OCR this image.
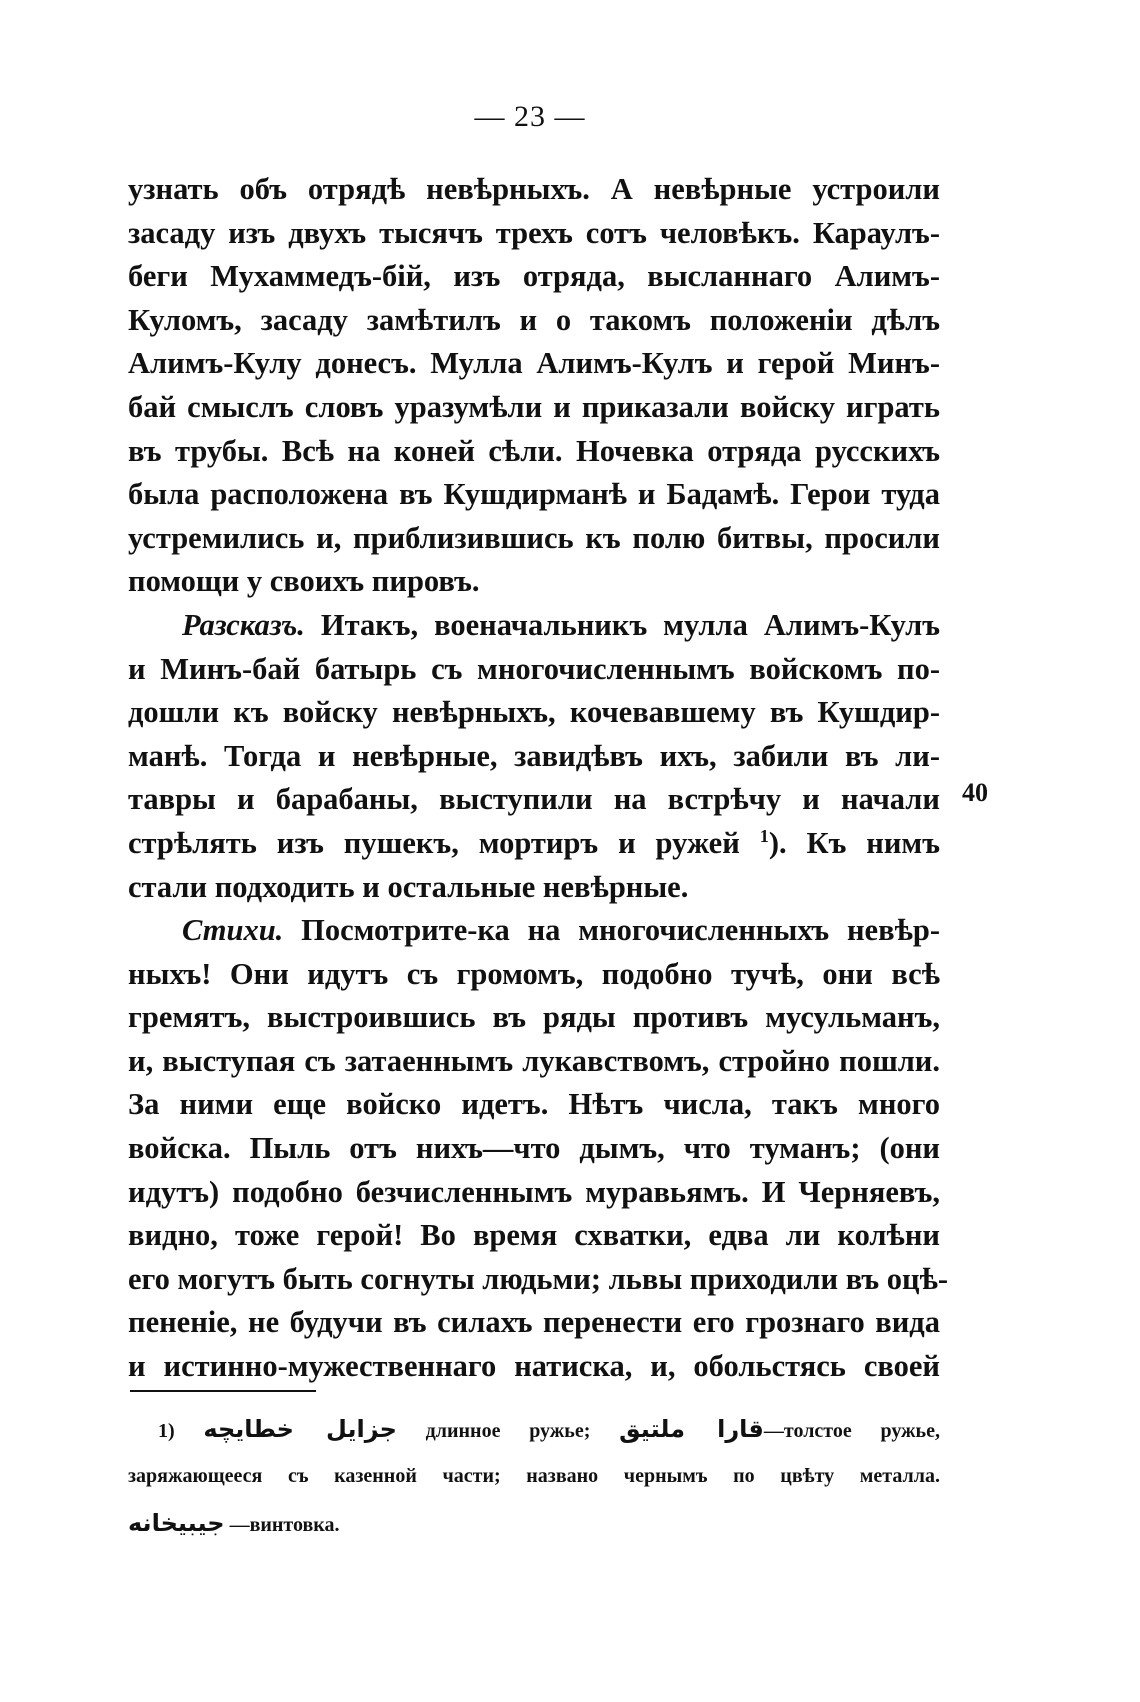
— 23 —
узнать объ отрядѣ невѣрныхъ. А невѣрные устроили
засаду изъ двухъ тысячъ трехъ сотъ человѣкъ. Караулъ-
беги Мухаммедъ-бій, изъ отряда, высланнаго Алимъ-
Куломъ, засаду замѣтилъ и о такомъ положеніи дѣлъ
Алимъ-Кулу донесъ. Мулла Алимъ-Кулъ и герой Минъ-
бай смыслъ словъ уразумѣли и приказали войску играть
въ трубы. Всѣ на коней сѣли. Ночевка отряда русскихъ
была расположена въ Кушдирманѣ и Бадамѣ. Герои туда
устремились и, приблизившись къ полю битвы, просили
помощи у своихъ пировъ.
Разсказъ. Итакъ, военачальникъ мулла Алимъ-Кулъ
и Минъ-бай батырь съ многочисленнымъ войскомъ по-
дошли къ войску невѣрныхъ, кочевавшему въ Кушдир-
манѣ. Тогда и невѣрные, завидѣвъ ихъ, забили въ ли-
тавры и барабаны, выступили на встрѣчу и начали
стрѣлять изъ пушекъ, мортиръ и ружей $^1$). Къ нимъ
стали подходить и остальные невѣрные.
Стихи. Посмотрите-ка на многочисленныхъ невѣр-
ныхъ! Они идутъ съ громомъ, подобно тучѣ, они всѣ
гремятъ, выстроившись въ ряды противъ мусульманъ,
и, выступая съ затаеннымъ лукавствомъ, стройно пошли.
За ними еще войско идетъ. Нѣтъ числа, такъ много
войска. Пыль отъ нихъ—что дымъ, что туманъ; (они
идутъ) подобно безчисленнымъ муравьямъ. И Черняевъ,
видно, тоже герой! Во время схватки, едва ли колѣни
его могутъ быть согнуты людьми; львы приходили въ оцѣ-
пененіе, не будучи въ силахъ перенести его грознаго вида
и истинно-мужественнаго натиска, и, обольстясь своей
40
1) جزايل خطايچه длинное ружье; قارا ملتيق—толстое ружье,
заряжающееся съ казенной части; названо чернымъ по цвѣту металла.
جيبيخانه —винтовка.
